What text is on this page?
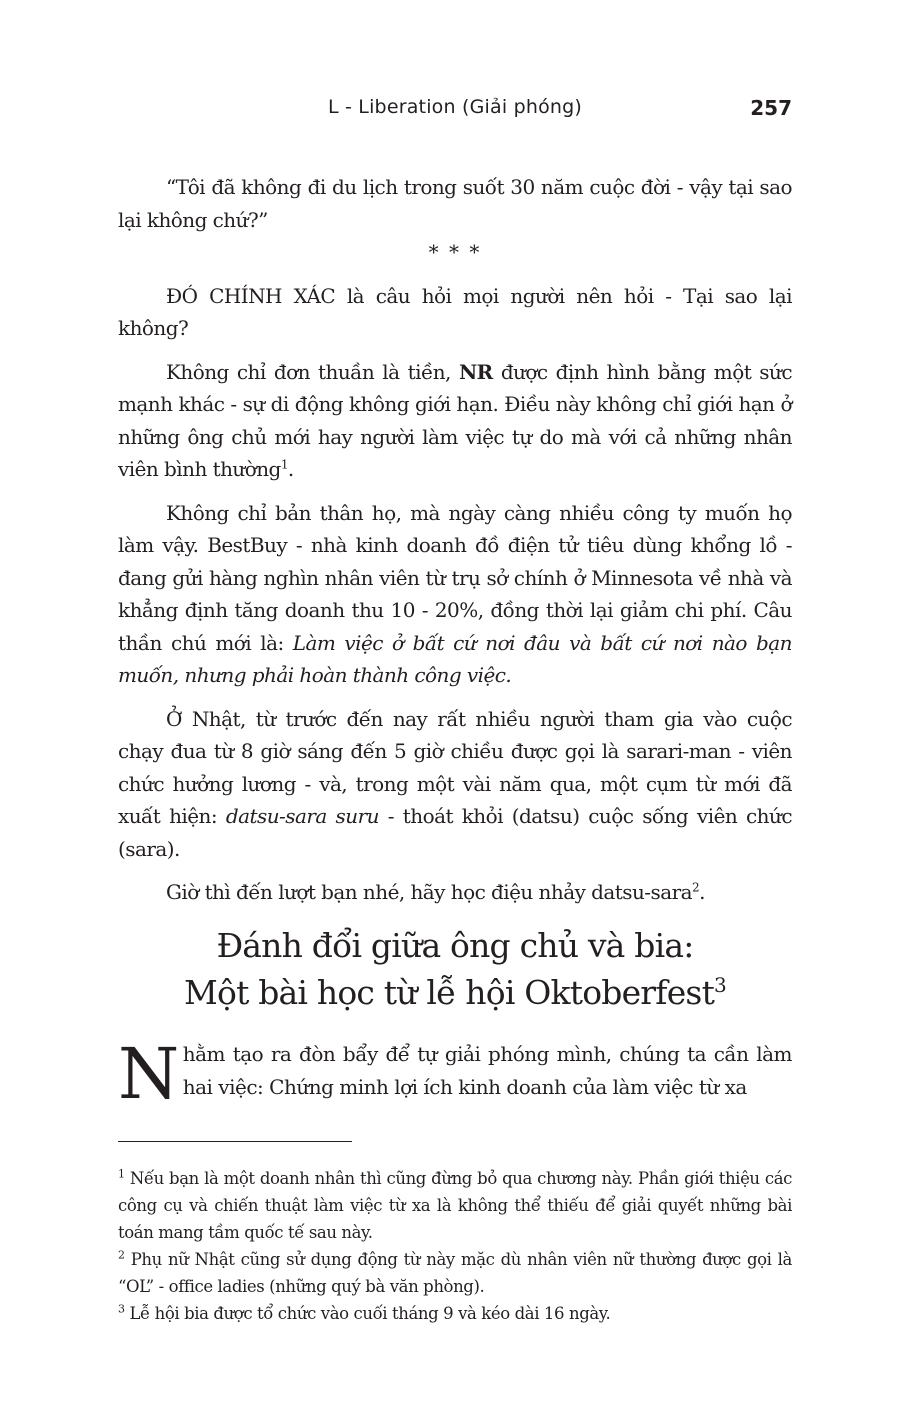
L - Liberation (Giải phóng)	257

“Tôi đã không đi du lịch trong suốt 30 năm cuộc đời - vậy tại sao lại không chứ?”

* * *

ĐÓ CHÍNH XÁC là câu hỏi mọi người nên hỏi - Tại sao lại không?

Không chỉ đơn thuần là tiền, NR được định hình bằng một sức mạnh khác - sự di động không giới hạn. Điều này không chỉ giới hạn ở những ông chủ mới hay người làm việc tự do mà với cả những nhân viên bình thường$^1$.

Không chỉ bản thân họ, mà ngày càng nhiều công ty muốn họ làm vậy. BestBuy - nhà kinh doanh đồ điện tử tiêu dùng khổng lồ - đang gửi hàng nghìn nhân viên từ trụ sở chính ở Minnesota về nhà và khẳng định tăng doanh thu 10 - 20%, đồng thời lại giảm chi phí. Câu thần chú mới là: Làm việc ở bất cứ nơi đâu và bất cứ nơi nào bạn muốn, nhưng phải hoàn thành công việc.

Ở Nhật, từ trước đến nay rất nhiều người tham gia vào cuộc chạy đua từ 8 giờ sáng đến 5 giờ chiều được gọi là sarari-man - viên chức hưởng lương - và, trong một vài năm qua, một cụm từ mới đã xuất hiện: datsu-sara suru - thoát khỏi (datsu) cuộc sống viên chức (sara).

Giờ thì đến lượt bạn nhé, hãy học điệu nhảy datsu-sara$^2$.

Đánh đổi giữa ông chủ và bia:
Một bài học từ lễ hội Oktoberfest$^3$
Nhằm tạo ra đòn bẩy để tự giải phóng mình, chúng ta cần làm hai việc: Chứng minh lợi ích kinh doanh của làm việc từ xa

$^1$ Nếu bạn là một doanh nhân thì cũng đừng bỏ qua chương này. Phần giới thiệu các công cụ và chiến thuật làm việc từ xa là không thể thiếu để giải quyết những bài toán mang tầm quốc tế sau này.

$^2$ Phụ nữ Nhật cũng sử dụng động từ này mặc dù nhân viên nữ thường được gọi là “OL” - office ladies (những quý bà văn phòng).

$^3$ Lễ hội bia được tổ chức vào cuối tháng 9 và kéo dài 16 ngày.
